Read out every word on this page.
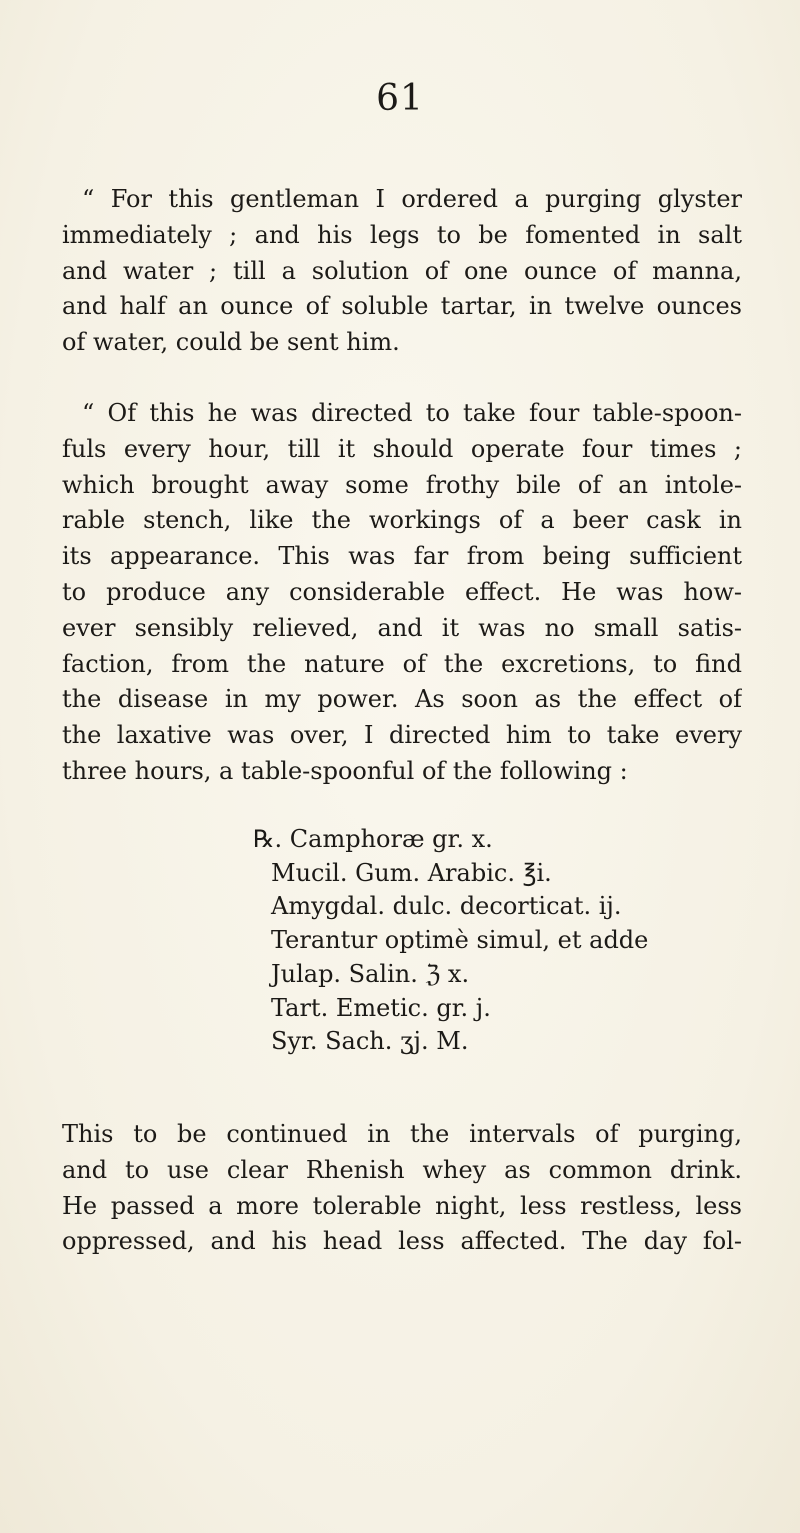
61
“ For this gentleman I ordered a purging glyster
immediately ; and his legs to be fomented in salt
and water ; till a solution of one ounce of manna,
and half an ounce of soluble tartar, in twelve ounces
of water, could be sent him.
“ Of this he was directed to take four table-spoon-
fuls every hour, till it should operate four times ;
which brought away some frothy bile of an intole-
rable stench, like the workings of a beer cask in
its appearance. This was far from being sufficient
to produce any considerable effect. He was how-
ever sensibly relieved, and it was no small satis-
faction, from the nature of the excretions, to find
the disease in my power. As soon as the effect of
the laxative was over, I directed him to take every
three hours, a table-spoonful of the following :
℞. Camphoræ gr. x.
Mucil. Gum. Arabic. ℥i.
Amygdal. dulc. decorticat. ij.
Terantur optimè simul, et adde
Julap. Salin. ℨ x.
Tart. Emetic. gr. j.
Syr. Sach. ʒj. M.
This to be continued in the intervals of purging,
and to use clear Rhenish whey as common drink.
He passed a more tolerable night, less restless, less
oppressed, and his head less affected. The day fol-
